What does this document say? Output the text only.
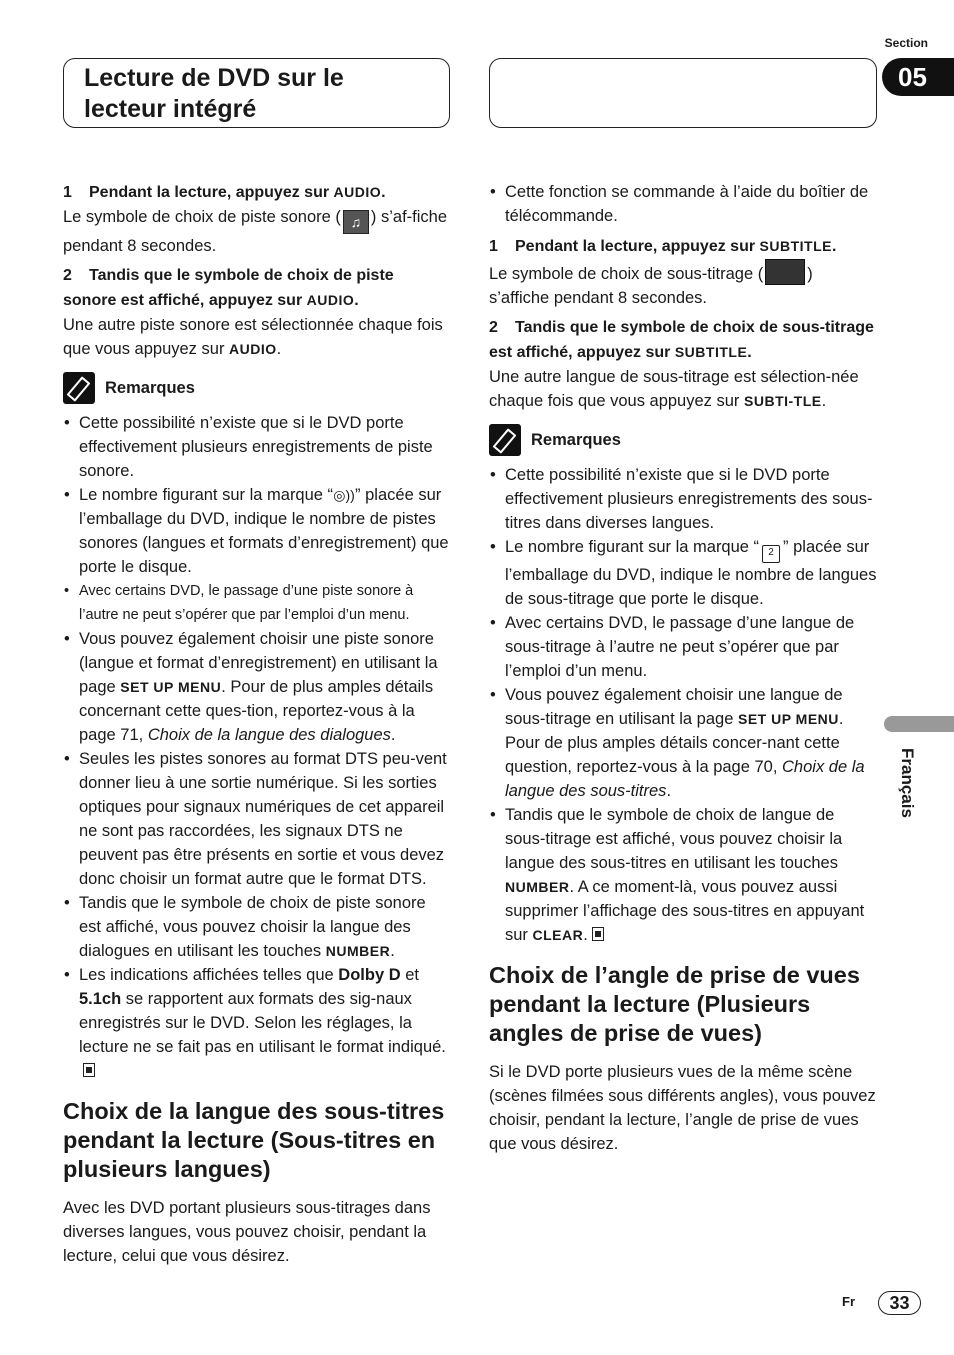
Section
05
Lecture de DVD sur le lecteur intégré
Français

1 Pendant la lecture, appuyez sur AUDIO.

Le symbole de choix de piste sonore ( ♫ ) s’af-fiche pendant 8 secondes.

2 Tandis que le symbole de choix de piste sonore est affiché, appuyez sur AUDIO.

Une autre piste sonore est sélectionnée chaque fois que vous appuyez sur AUDIO.

Remarques
• Cette possibilité n’existe que si le DVD porte effectivement plusieurs enregistrements de piste sonore.
• Le nombre figurant sur la marque “◎))” placée sur l’emballage du DVD, indique le nombre de pistes sonores (langues et formats d’enregistrement) que porte le disque.
• Avec certains DVD, le passage d’une piste sonore à l’autre ne peut s’opérer que par l’emploi d’un menu.
• Vous pouvez également choisir une piste sonore (langue et format d’enregistrement) en utilisant la page SET UP MENU. Pour de plus amples détails concernant cette ques-tion, reportez-vous à la page 71, Choix de la langue des dialogues.
• Seules les pistes sonores au format DTS peu-vent donner lieu à une sortie numérique. Si les sorties optiques pour signaux numériques de cet appareil ne sont pas raccordées, les signaux DTS ne peuvent pas être présents en sortie et vous devez donc choisir un format autre que le format DTS.
• Tandis que le symbole de choix de piste sonore est affiché, vous pouvez choisir la langue des dialogues en utilisant les touches NUMBER.
• Les indications affichées telles que Dolby D et 5.1ch se rapportent aux formats des sig-naux enregistrés sur le DVD. Selon les réglages, la lecture ne se fait pas en utilisant le format indiqué.
Choix de la langue des sous-titres pendant la lecture (Sous-titres en plusieurs langues)

Avec les DVD portant plusieurs sous-titrages dans diverses langues, vous pouvez choisir, pendant la lecture, celui que vous désirez.

• Cette fonction se commande à l’aide du boîtier de télécommande.

1 Pendant la lecture, appuyez sur SUBTITLE.

Le symbole de choix de sous-titrage (	) s’affiche pendant 8 secondes.

2 Tandis que le symbole de choix de sous-titrage est affiché, appuyez sur SUBTITLE.

Une autre langue de sous-titrage est sélection-née chaque fois que vous appuyez sur SUBTI-TLE.

Remarques
• Cette possibilité n’existe que si le DVD porte effectivement plusieurs enregistrements des sous-titres dans diverses langues.
• Le nombre figurant sur la marque “ 2 ” placée sur l’emballage du DVD, indique le nombre de langues de sous-titrage que porte le disque.
• Avec certains DVD, le passage d’une langue de sous-titrage à l’autre ne peut s’opérer que par l’emploi d’un menu.
• Vous pouvez également choisir une langue de sous-titrage en utilisant la page SET UP MENU. Pour de plus amples détails concer-nant cette question, reportez-vous à la page 70, Choix de la langue des sous-titres.
• Tandis que le symbole de choix de langue de sous-titrage est affiché, vous pouvez choisir la langue des sous-titres en utilisant les touches NUMBER. A ce moment-là, vous pouvez aussi supprimer l’affichage des sous-titres en appuyant sur CLEAR.
Choix de l’angle de prise de vues pendant la lecture (Plusieurs angles de prise de vues)

Si le DVD porte plusieurs vues de la même scène (scènes filmées sous différents angles), vous pouvez choisir, pendant la lecture, l’angle de prise de vues que vous désirez.

Fr	33
